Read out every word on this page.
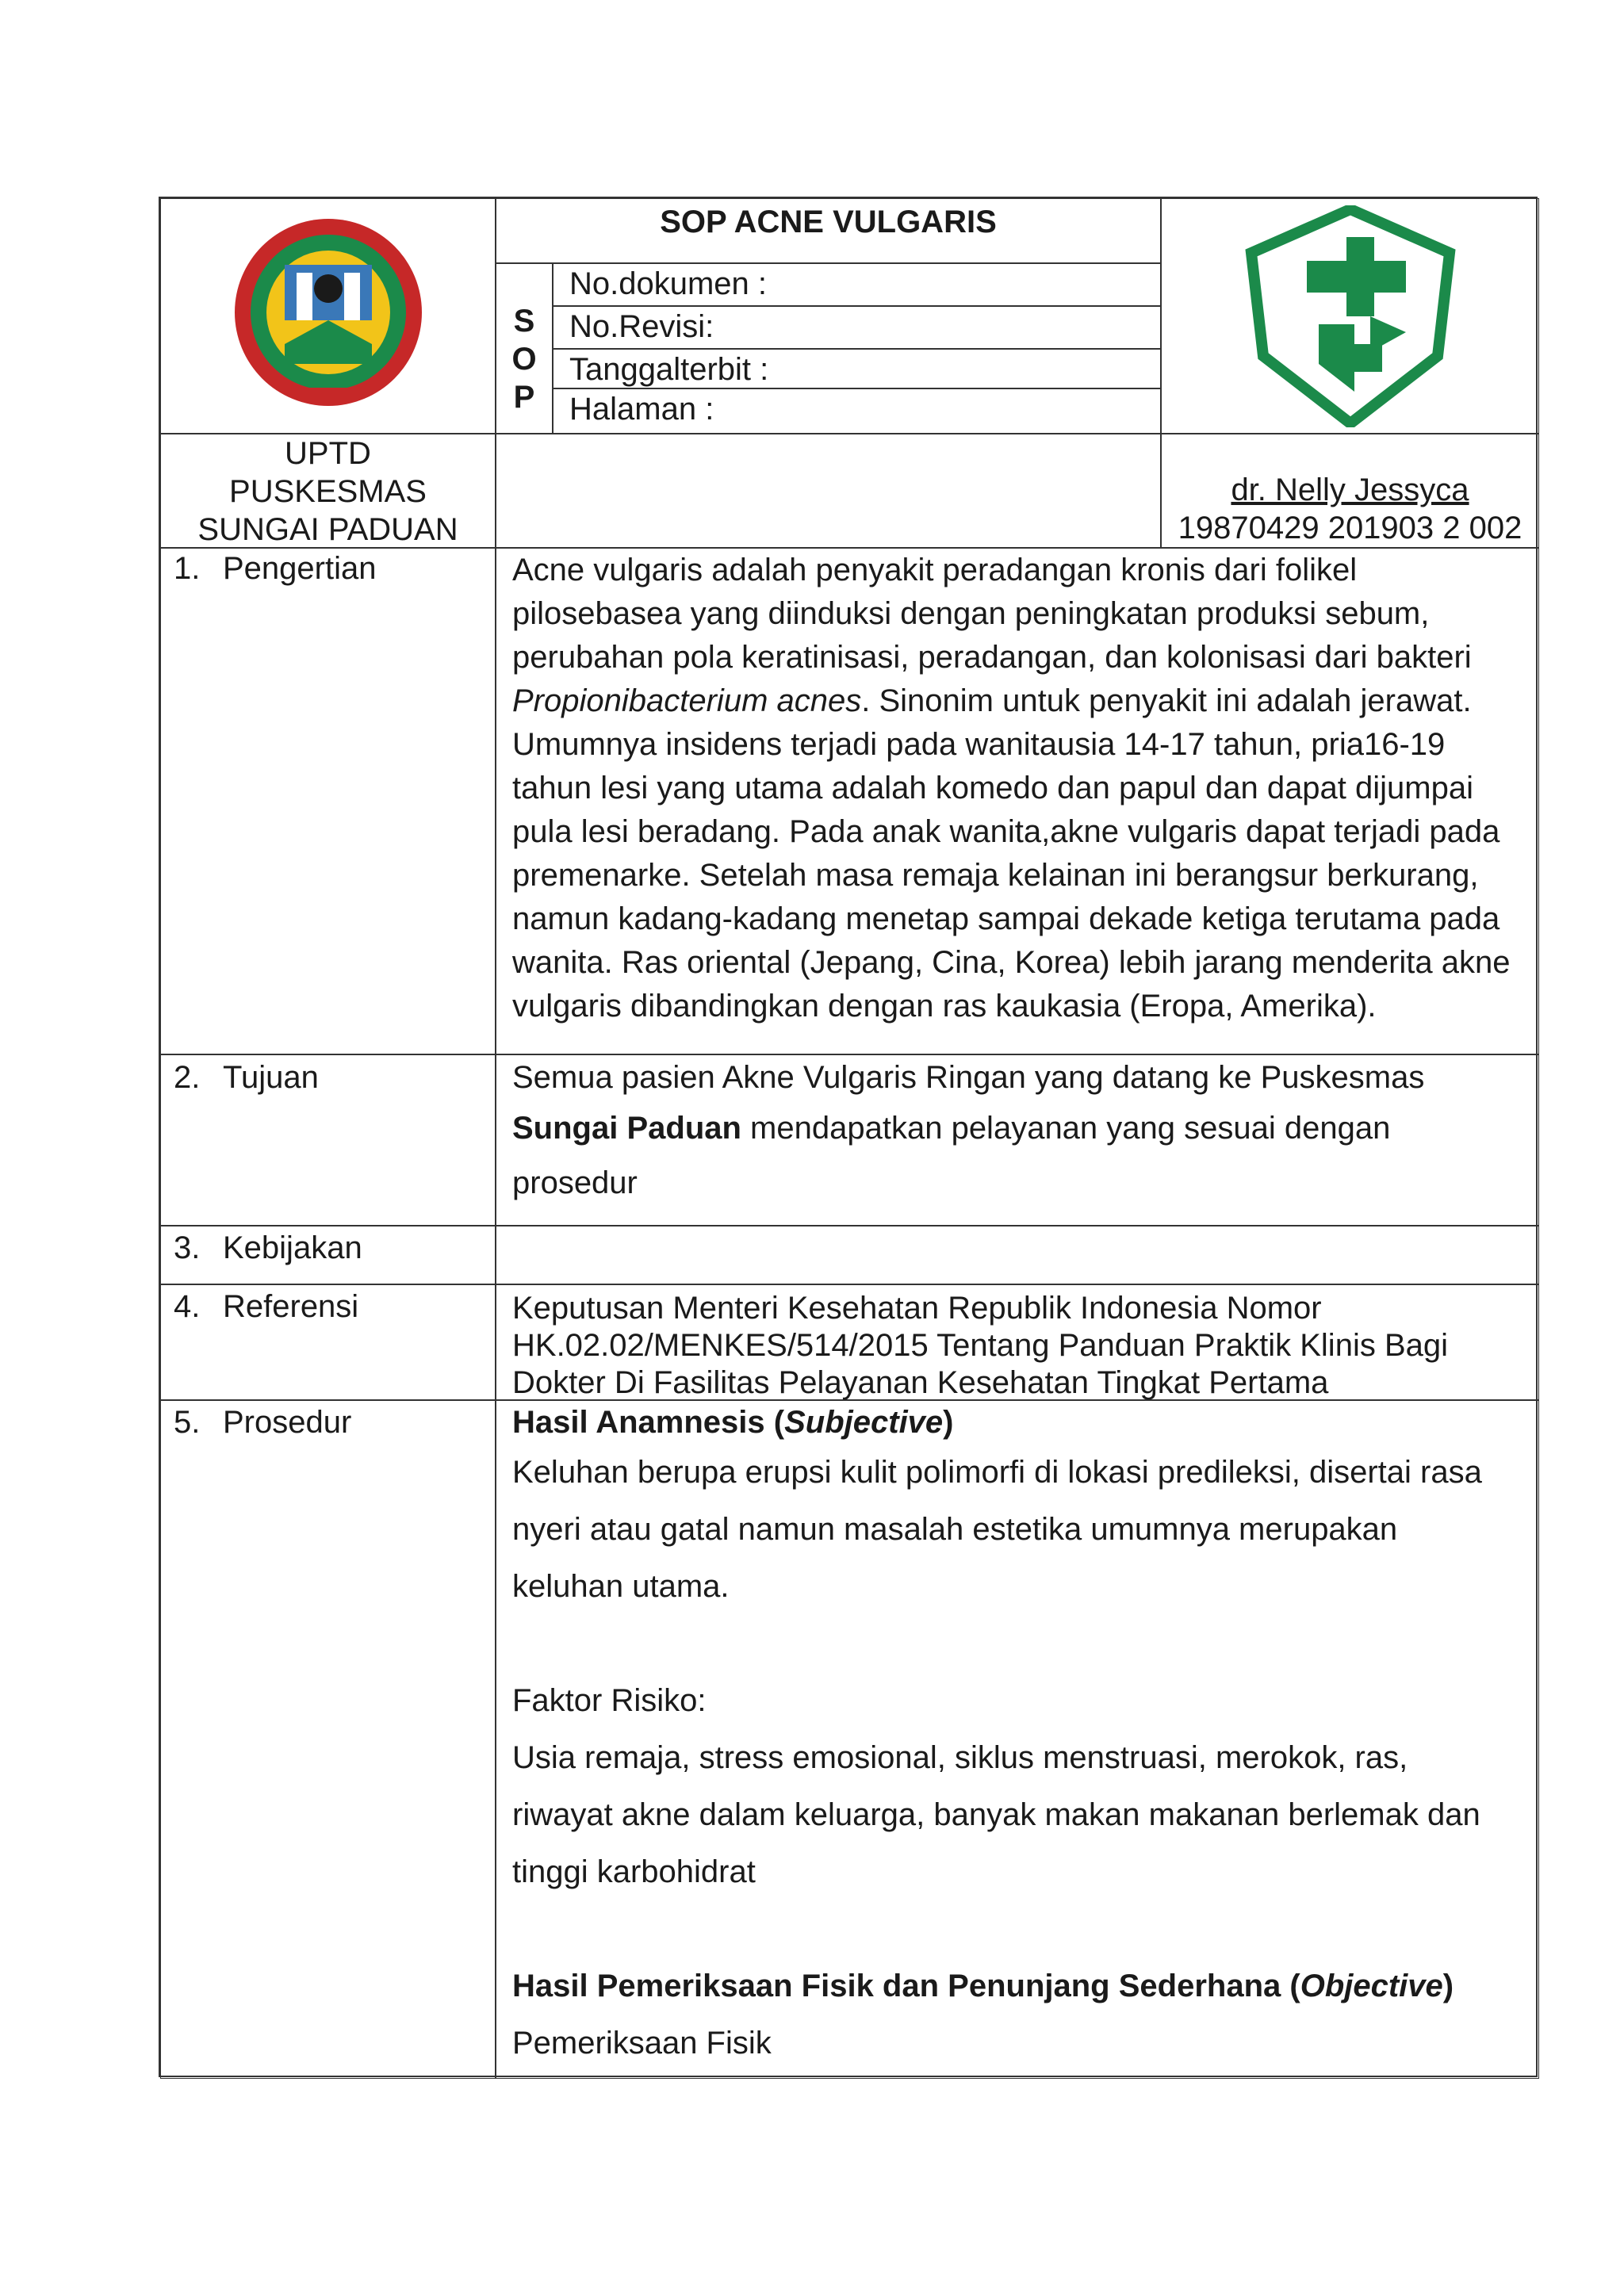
SOP ACNE VULGARIS
S
O
P
No.dokumen :
No.Revisi:
Tanggalterbit :
Halaman :
UPTD
PUSKESMAS
SUNGAI PADUAN
dr. Nelly Jessyca
19870429 201903 2 002
1. Pengertian	Acne vulgaris adalah penyakit peradangan kronis dari folikel
pilosebasea yang diinduksi dengan peningkatan produksi sebum,
perubahan pola keratinisasi, peradangan, dan kolonisasi dari bakteri
Propionibacterium acnes. Sinonim untuk penyakit ini adalah jerawat.
Umumnya insidens terjadi pada wanitausia 14-17 tahun, pria16-19
tahun lesi yang utama adalah komedo dan papul dan dapat dijumpai
pula lesi beradang. Pada anak wanita,akne vulgaris dapat terjadi pada
premenarke. Setelah masa remaja kelainan ini berangsur berkurang,
namun kadang-kadang menetap sampai dekade ketiga terutama pada
wanita. Ras oriental (Jepang, Cina, Korea) lebih jarang menderita akne
vulgaris dibandingkan dengan ras kaukasia (Eropa, Amerika).
2. Tujuan	Semua pasien Akne Vulgaris Ringan yang datang ke Puskesmas
Sungai Paduan mendapatkan pelayanan yang sesuai dengan
prosedur
3. Kebijakan
4. Referensi	Keputusan Menteri Kesehatan Republik Indonesia Nomor
HK.02.02/MENKES/514/2015 Tentang Panduan Praktik Klinis Bagi
Dokter Di Fasilitas Pelayanan Kesehatan Tingkat Pertama
5. Prosedur	Hasil Anamnesis (Subjective)
Keluhan berupa erupsi kulit polimorfi di lokasi predileksi, disertai rasa
nyeri atau gatal namun masalah estetika umumnya merupakan
keluhan utama.
Faktor Risiko:
Usia remaja, stress emosional, siklus menstruasi, merokok, ras,
riwayat akne dalam keluarga, banyak makan makanan berlemak dan
tinggi karbohidrat
Hasil Pemeriksaan Fisik dan Penunjang Sederhana (Objective)
Pemeriksaan Fisik
